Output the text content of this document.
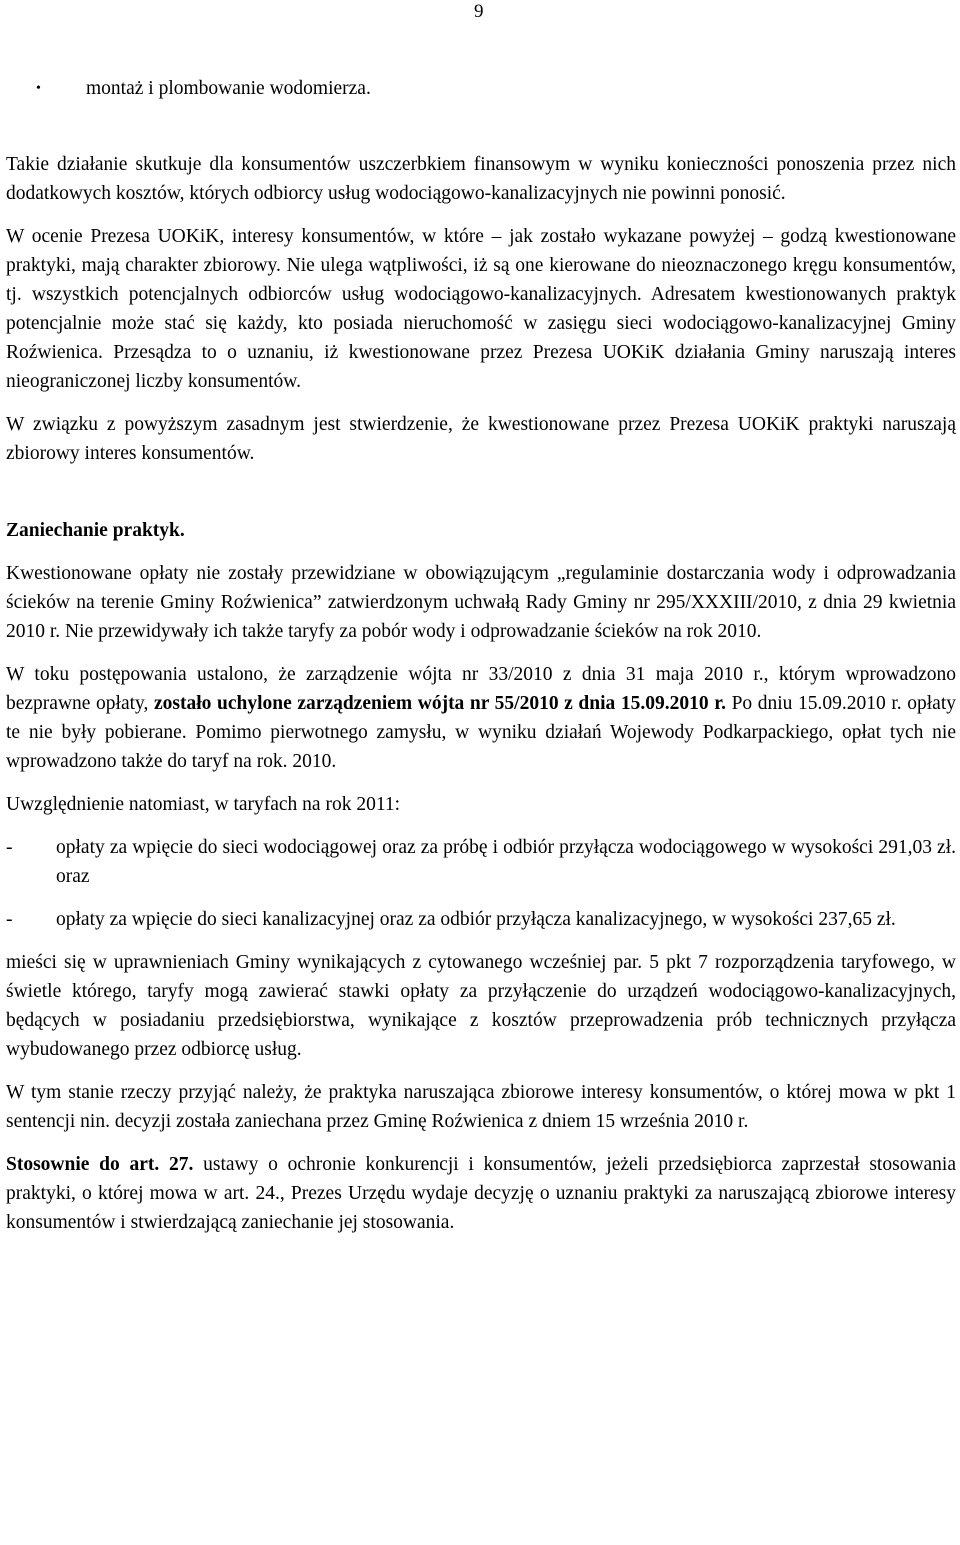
9
•	montaż i plombowanie wodomierza.

Takie działanie skutkuje dla konsumentów uszczerbkiem finansowym w wyniku konieczności ponoszenia przez nich dodatkowych kosztów, których odbiorcy usług wodociągowo-kanalizacyjnych nie powinni ponosić.

W ocenie Prezesa UOKiK, interesy konsumentów, w które – jak zostało wykazane powyżej – godzą kwestionowane praktyki, mają charakter zbiorowy. Nie ulega wątpliwości, iż są one kierowane do nieoznaczonego kręgu konsumentów, tj. wszystkich potencjalnych odbiorców usług wodociągowo-kanalizacyjnych. Adresatem kwestionowanych praktyk potencjalnie może stać się każdy, kto posiada nieruchomość w zasięgu sieci wodociągowo-kanalizacyjnej Gminy Roźwienica. Przesądza to o uznaniu, iż kwestionowane przez Prezesa UOKiK działania Gminy naruszają interes nieograniczonej liczby konsumentów.

W związku z powyższym zasadnym jest stwierdzenie, że kwestionowane przez Prezesa UOKiK praktyki naruszają zbiorowy interes konsumentów.

Zaniechanie praktyk.

Kwestionowane opłaty nie zostały przewidziane w obowiązującym „regulaminie dostarczania wody i odprowadzania ścieków na terenie Gminy Roźwienica” zatwierdzonym uchwałą Rady Gminy nr 295/XXXIII/2010, z dnia 29 kwietnia 2010 r. Nie przewidywały ich także taryfy za pobór wody i odprowadzanie ścieków na rok 2010.

W toku postępowania ustalono, że zarządzenie wójta nr 33/2010 z dnia 31 maja 2010 r., którym wprowadzono bezprawne opłaty, zostało uchylone zarządzeniem wójta nr 55/2010 z dnia 15.09.2010 r. Po dniu 15.09.2010 r. opłaty te nie były pobierane. Pomimo pierwotnego zamysłu, w wyniku działań Wojewody Podkarpackiego, opłat tych nie wprowadzono także do taryf na rok. 2010.

Uwzględnienie natomiast, w taryfach na rok 2011:

-	opłaty za wpięcie do sieci wodociągowej oraz za próbę i odbiór przyłącza wodociągowego w wysokości 291,03 zł. oraz
-	opłaty za wpięcie do sieci kanalizacyjnej oraz za odbiór przyłącza kanalizacyjnego, w wysokości 237,65 zł.

mieści się w uprawnieniach Gminy wynikających z cytowanego wcześniej par. 5 pkt 7 rozporządzenia taryfowego, w świetle którego, taryfy mogą zawierać stawki opłaty za przyłączenie do urządzeń wodociągowo-kanalizacyjnych, będących w posiadaniu przedsiębiorstwa, wynikające z kosztów przeprowadzenia prób technicznych przyłącza wybudowanego przez odbiorcę usług.

W tym stanie rzeczy przyjąć należy, że praktyka naruszająca zbiorowe interesy konsumentów, o której mowa w pkt 1 sentencji nin. decyzji została zaniechana przez Gminę Roźwienica z dniem 15 września 2010 r.

Stosownie do art. 27. ustawy o ochronie konkurencji i konsumentów, jeżeli przedsiębiorca zaprzestał stosowania praktyki, o której mowa w art. 24., Prezes Urzędu wydaje decyzję o uznaniu praktyki za naruszającą zbiorowe interesy konsumentów i stwierdzającą zaniechanie jej stosowania.
